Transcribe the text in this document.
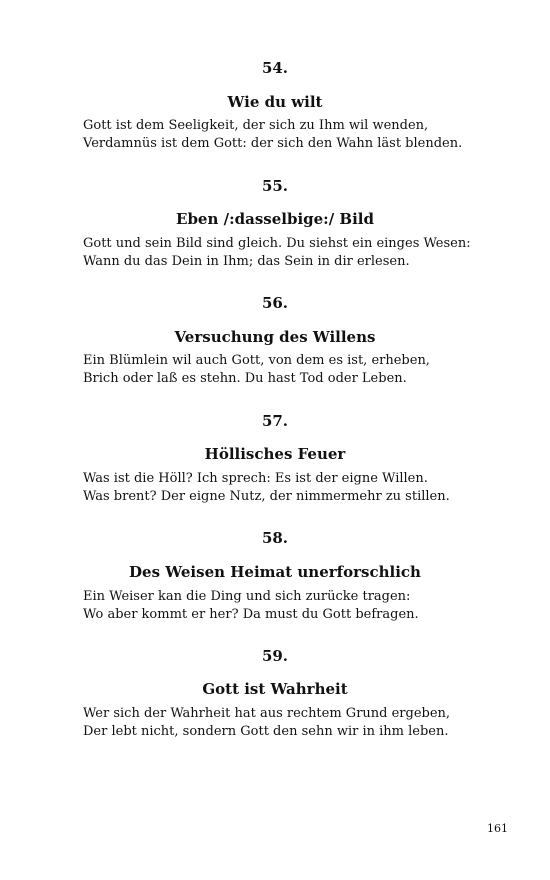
54.
Wie du wilt
Gott ist dem Seeligkeit, der sich zu Ihm wil wenden,
Verdamnüs ist dem Gott: der sich den Wahn läst blenden.
55.
Eben /:dasselbige:/ Bild
Gott und sein Bild sind gleich. Du siehst ein einges Wesen:
Wann du das Dein in Ihm; das Sein in dir erlesen.
56.
Versuchung des Willens
Ein Blümlein wil auch Gott, von dem es ist, erheben,
Brich oder laß es stehn. Du hast Tod oder Leben.
57.
Höllisches Feuer
Was ist die Höll? Ich sprech: Es ist der eigne Willen.
Was brent? Der eigne Nutz, der nimmermehr zu stillen.
58.
Des Weisen Heimat unerforschlich
Ein Weiser kan die Ding und sich zurücke tragen:
Wo aber kommt er her? Da must du Gott befragen.
59.
Gott ist Wahrheit
Wer sich der Wahrheit hat aus rechtem Grund ergeben,
Der lebt nicht, sondern Gott den sehn wir in ihm leben.
161
